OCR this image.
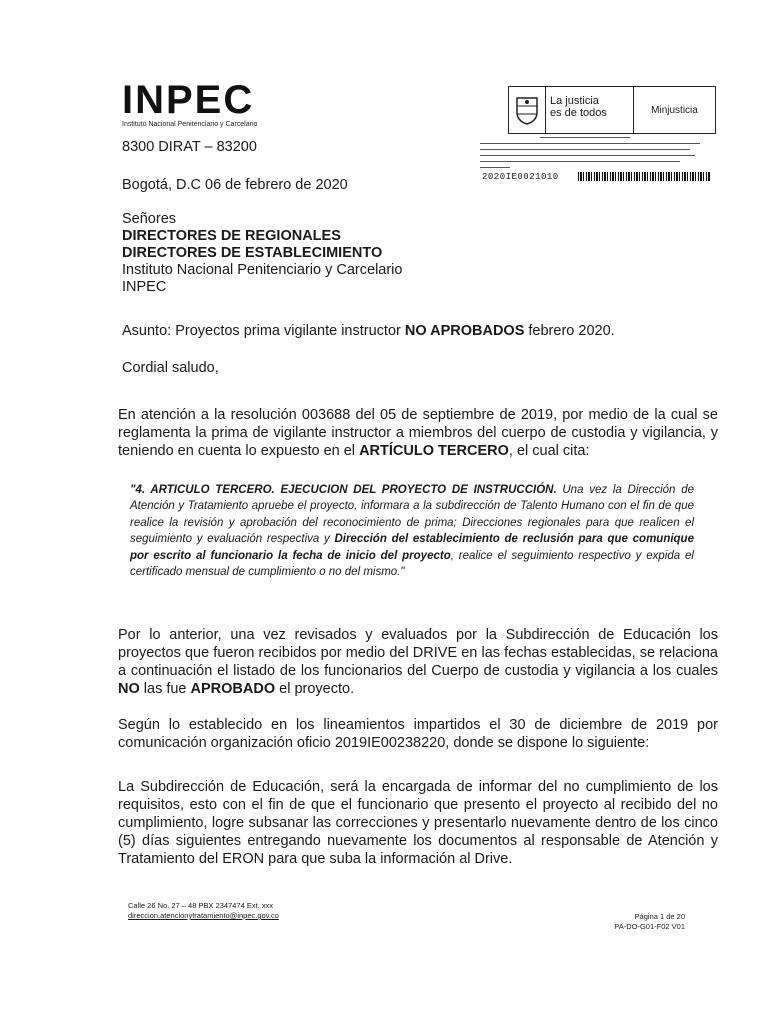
INPEC
Instituto Nacional Penitenciario y Carcelario
La justicia
es de todos	Minjusticia
2020IE0021010
8300 DIRAT – 83200
Bogotá, D.C 06 de febrero de 2020
Señores
DIRECTORES DE REGIONALES
DIRECTORES DE ESTABLECIMIENTO
Instituto Nacional Penitenciario y Carcelario
INPEC
Asunto: Proyectos prima vigilante instructor NO APROBADOS febrero 2020.
Cordial saludo,
En atención a la resolución 003688 del 05 de septiembre de 2019, por medio de la cual se reglamenta la prima de vigilante instructor a miembros del cuerpo de custodia y vigilancia, y teniendo en cuenta lo expuesto en el ARTÍCULO TERCERO, el cual cita:
"4. ARTICULO TERCERO. EJECUCION DEL PROYECTO DE INSTRUCCIÓN. Una vez la Dirección de Atención y Tratamiento apruebe el proyecto, informara a la subdirección de Talento Humano con el fin de que realice la revisión y aprobación del reconocimiento de prima; Direcciones regionales para que realicen el seguimiento y evaluación respectiva y Dirección del establecimiento de reclusión para que comunique por escrito al funcionario la fecha de inicio del proyecto, realice el seguimiento respectivo y expida el certificado mensual de cumplimiento o no del mismo."
Por lo anterior, una vez revisados y evaluados por la Subdirección de Educación los proyectos que fueron recibidos por medio del DRIVE en las fechas establecidas, se relaciona a continuación el listado de los funcionarios del Cuerpo de custodia y vigilancia a los cuales NO las fue APROBADO el proyecto.
Según lo establecido en los lineamientos impartidos el 30 de diciembre de 2019 por comunicación organización oficio 2019IE00238220, donde se dispone lo siguiente:
La Subdirección de Educación, será la encargada de informar del no cumplimiento de los requisitos, esto con el fin de que el funcionario que presento el proyecto al recibido del no cumplimiento, logre subsanar las correcciones y presentarlo nuevamente dentro de los cinco (5) días siguientes entregando nuevamente los documentos al responsable de Atención y Tratamiento del ERON para que suba la información al Drive.
Calle 26 No. 27 – 48 PBX 2347474 Ext. xxx
direccion.atencionytratamiento@inpec.gov.co	Página 1 de 20
PA-DO-G01-F02 V01
